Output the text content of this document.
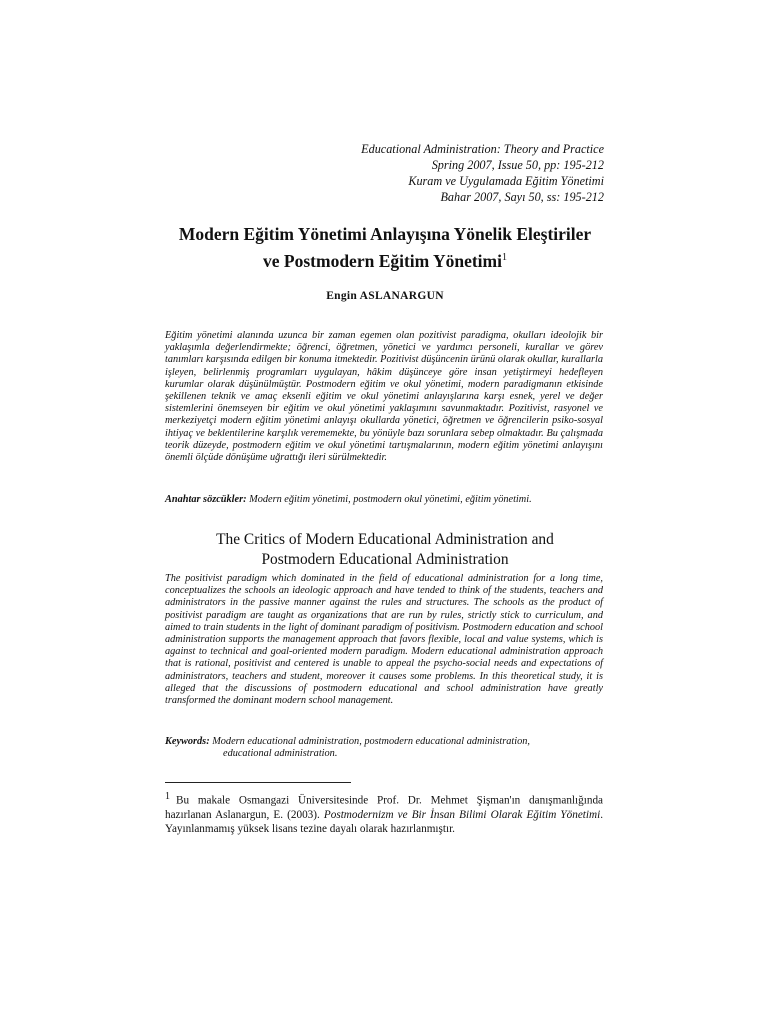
Educational Administration: Theory and Practice
Spring 2007, Issue 50, pp: 195-212
Kuram ve Uygulamada Eğitim Yönetimi
Bahar 2007, Sayı 50, ss: 195-212
Modern Eğitim Yönetimi Anlayışına Yönelik Eleştiriler
ve Postmodern Eğitim Yönetimi$^1$
Engin ASLANARGUN

Eğitim yönetimi alanında uzunca bir zaman egemen olan pozitivist paradigma, okulları ideolojik bir yaklaşımla değerlendirmekte; öğrenci, öğretmen, yönetici ve yardımcı personeli, kurallar ve görev tanımları karşısında edilgen bir konuma itmektedir. Pozitivist düşüncenin ürünü olarak okullar, kurallarla işleyen, belirlenmiş programları uygulayan, hâkim düşünceye göre insan yetiştirmeyi hedefleyen kurumlar olarak düşünülmüştür. Postmodern eğitim ve okul yönetimi, modern paradigmanın etkisinde şekillenen teknik ve amaç eksenli eğitim ve okul yönetimi anlayışlarına karşı esnek, yerel ve değer sistemlerini önemseyen bir eğitim ve okul yönetimi yaklaşımını savunmaktadır. Pozitivist, rasyonel ve merkeziyetçi modern eğitim yönetimi anlayışı okullarda yönetici, öğretmen ve öğrencilerin psiko-sosyal ihtiyaç ve beklentilerine karşılık verememekte, bu yönüyle bazı sorunlara sebep olmaktadır. Bu çalışmada teorik düzeyde, postmodern eğitim ve okul yönetimi tartışmalarının, modern eğitim yönetimi anlayışını önemli ölçüde dönüşüme uğrattığı ileri sürülmektedir.

Anahtar sözcükler: Modern eğitim yönetimi, postmodern okul yönetimi, eğitim yönetimi.

The Critics of Modern Educational Administration and
Postmodern Educational Administration

The positivist paradigm which dominated in the field of educational administration for a long time, conceptualizes the schools an ideologic approach and have tended to think of the students, teachers and administrators in the passive manner against the rules and structures. The schools as the product of positivist paradigm are taught as organizations that are run by rules, strictly stick to curriculum, and aimed to train students in the light of dominant paradigm of positivism. Postmodern education and school administration supports the management approach that favors flexible, local and value systems, which is against to technical and goal-oriented modern paradigm. Modern educational administration approach that is rational, positivist and centered is unable to appeal the psycho-social needs and expectations of administrators, teachers and student, moreover it causes some problems. In this theoretical study, it is alleged that the discussions of postmodern educational and school administration have greatly transformed the dominant modern school management.

Keywords: Modern educational administration, postmodern educational administration,
educational administration.

1 Bu makale Osmangazi Üniversitesinde Prof. Dr. Mehmet Şişman'ın danışmanlığında hazırlanan Aslanargun, E. (2003). Postmodernizm ve Bir İnsan Bilimi Olarak Eğitim Yönetimi. Yayınlanmamış yüksek lisans tezine dayalı olarak hazırlanmıştır.
